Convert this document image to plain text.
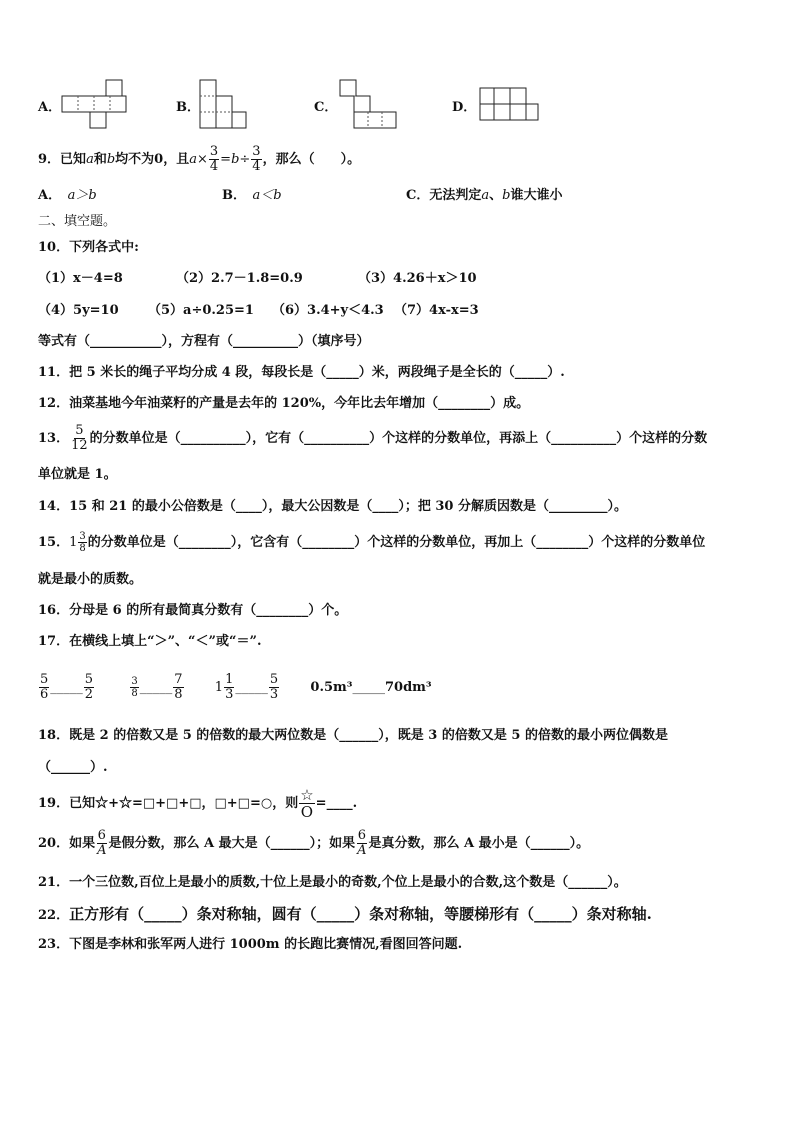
A．	B．	C．	D．
9．已知a和b均不为0，且$a\times \frac{3}{4} =b\div \frac{3}{4}$ ，那么（　　）。
A．　 a＞b	B．　 a＜b	C．无法判定a、b谁大谁小
二、填空题。
10．下列各式中:
（1）x－4=8	（2）2.7－1.8=0.9	（3）4.26＋x＞10
（4）5y=10 （5）a÷0.25=1 （6）3.4+y＜4.3 （7）4x-x=3
等式有（___________），方程有（__________）（填序号）
11．把 5 米长的绳子平均分成 4 段，每段长是（_____）米，两段绳子是全长的（_____）.
12．油菜基地今年油菜籽的产量是去年的 120%，今年比去年增加（________）成。
13． $\frac{5}{12}$ 的分数单位是（__________），它有（__________）个这样的分数单位，再添上（__________）个这样的分数
单位就是 1。
14．15 和 21 的最小公倍数是（____），最大公因数是（____）；把 30 分解质因数是（_________）。
15．$1 \frac{3}{8}$ 的分数单位是（________），它含有（________）个这样的分数单位，再加上（________）个这样的分数单位
就是最小的质数。
16．分母是 6 的所有最简真分数有（________）个。
17．在横线上填上“＞”、“＜”或“＝”.
$\frac{5}{6}$ _____ $\frac{5}{2}$
	$\frac{3}{8}$ _____ $\frac{7}{8} 1 \frac{1}{3}$ _____ $\frac{5}{3}$ 0.5m³_____70dm³
18．既是 2 的倍数又是 5 的倍数的最大两位数是（______），既是 3 的倍数又是 5 的倍数的最小两位偶数是
（______）.
19．已知☆+☆=□+□+□，□+□=○，则 $\frac{☆}{O}$ =____.
20．如果 $\frac{6}{A}$ 是假分数，那么 A 最大是（______）；如果 $\frac{6}{A}$ 是真分数，那么 A 最小是（______）。
21．一个三位数,百位上是最小的质数,十位上是最小的奇数,个位上是最小的合数,这个数是（______）。
22．正方形有（_____）条对称轴，圆有（_____）条对称轴，等腰梯形有（_____）条对称轴.
23．下图是李林和张军两人进行 1000m 的长跑比赛情况,看图回答问题.
